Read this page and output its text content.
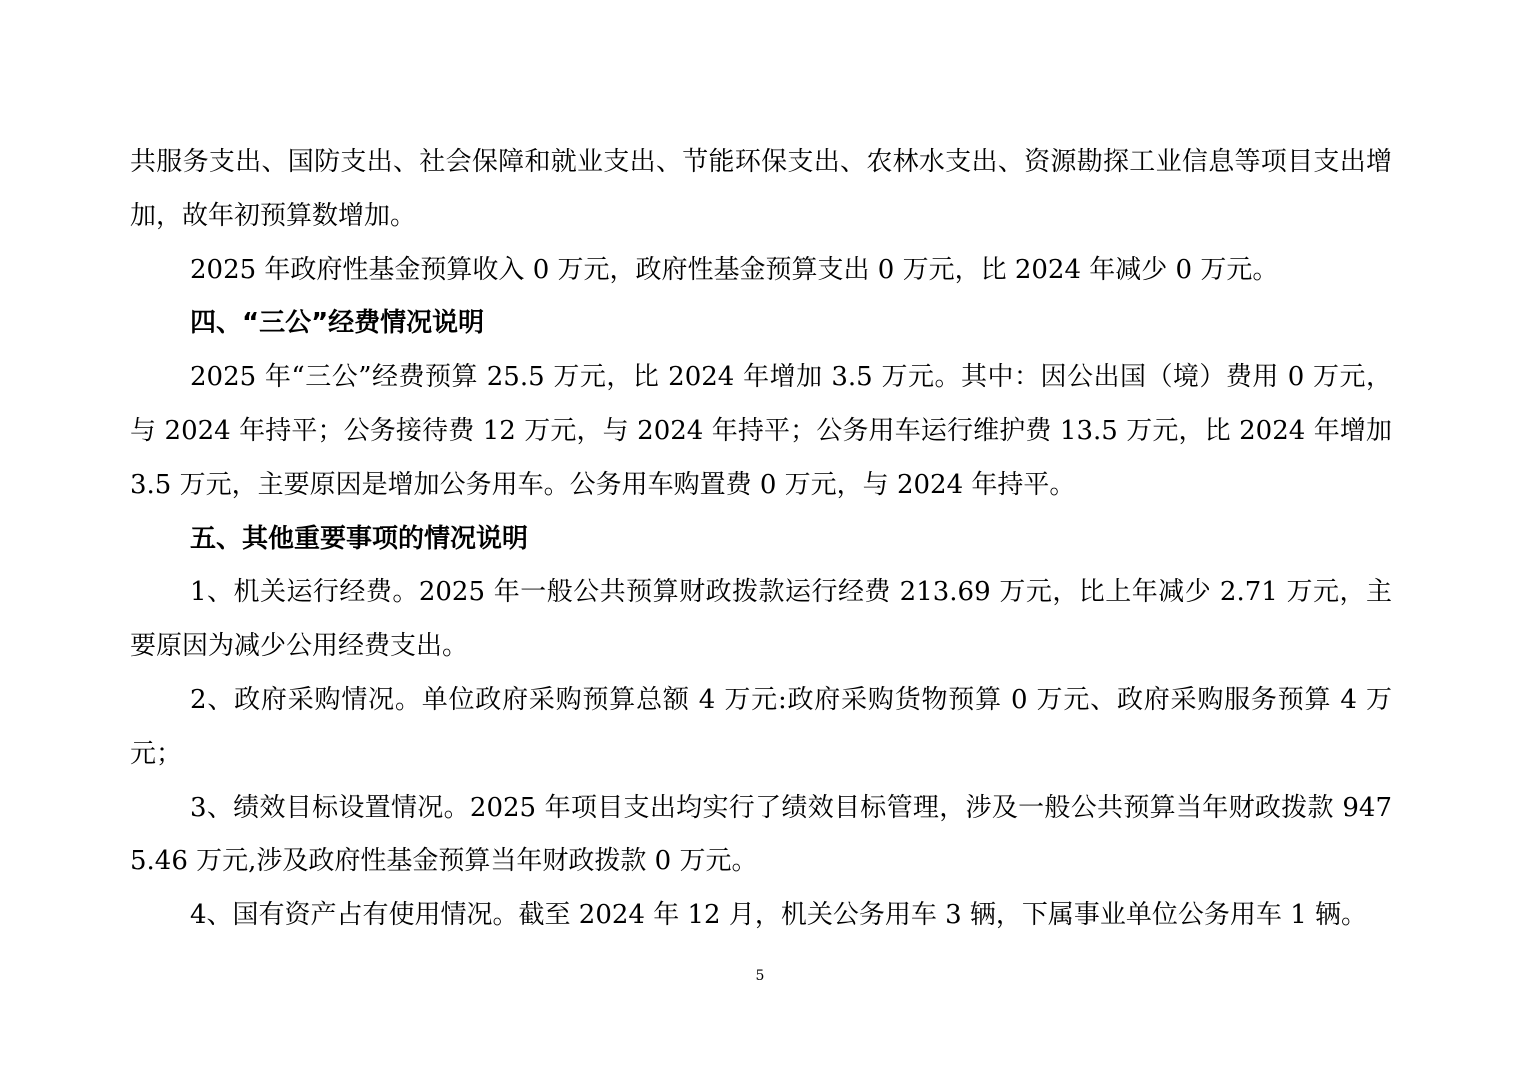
共服务支出、国防支出、社会保障和就业支出、节能环保支出、农林水支出、资源勘探工业信息等项目支出增加，故年初预算数增加。

2025 年政府性基金预算收入 0 万元，政府性基金预算支出 0 万元，比 2024 年减少 0 万元。

四、“三公”经费情况说明

2025 年“三公”经费预算 25.5 万元，比 2024 年增加 3.5 万元。其中：因公出国（境）费用 0 万元，与 2024 年持平；公务接待费 12 万元，与 2024 年持平；公务用车运行维护费 13.5 万元，比 2024 年增加 3.5 万元，主要原因是增加公务用车。公务用车购置费 0 万元，与 2024 年持平。

五、其他重要事项的情况说明

1、机关运行经费。2025 年一般公共预算财政拨款运行经费 213.69 万元，比上年减少 2.71 万元，主要原因为减少公用经费支出。

2、政府采购情况。单位政府采购预算总额 4 万元:政府采购货物预算 0 万元、政府采购服务预算 4 万元；

3、绩效目标设置情况。2025 年项目支出均实行了绩效目标管理，涉及一般公共预算当年财政拨款 9475.46 万元,涉及政府性基金预算当年财政拨款 0 万元。

4、国有资产占有使用情况。截至 2024 年 12 月，机关公务用车 3 辆，下属事业单位公务用车 1 辆。

5
